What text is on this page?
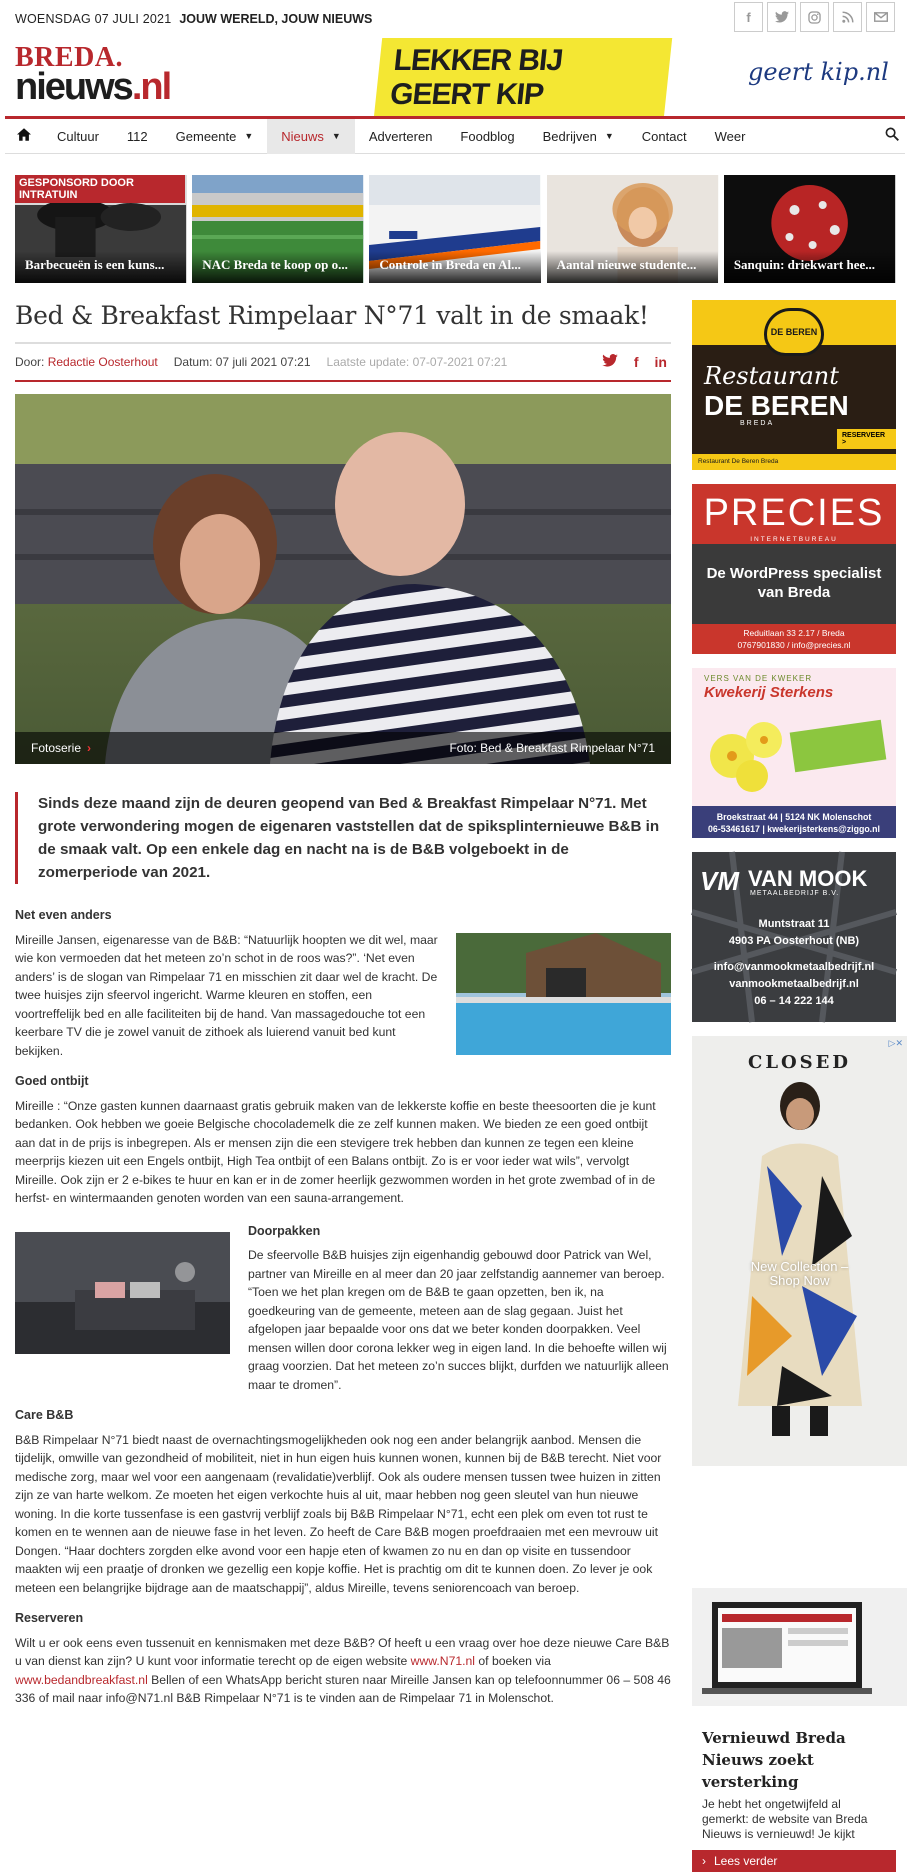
WOENSDAG 07 JULI 2021 JOUW WERELD, JOUW NIEUWS	f
BREDA.
nieuws.nl
LEKKER BIJ GEERT KIP
geert kip.nl
Cultuur 112 Gemeente ▼ Nieuws ▼ Adverteren Foodblog Bedrijven ▼ Contact Weer
GESPONSORD DOOR INTRATUIN
Barbecueën is een kuns...	NAC Breda te koop op o...	Controle in Breda en Al...	Aantal nieuwe studente...	Sanquin: driekwart hee...
Bed & Breakfast Rimpelaar N°71 valt in de smaak!
Door:
Redactie Oosterhout Datum: 07 juli 2021 07:21 Laatste update: 07-07-2021 07:21	f in
Fotoserie ›	Foto: Bed & Breakfast Rimpelaar N°71

Sinds deze maand zijn de deuren geopend van Bed & Breakfast Rimpelaar N°71. Met grote verwondering mogen de eigenaren vaststellen dat de spiksplinternieuwe B&B in de smaak valt. Op een enkele dag en nacht na is de B&B volgeboekt in de zomerperiode van 2021.

Net even anders

Mireille Jansen, eigenaresse van de B&B: “Natuurlijk hoopten we dit wel, maar wie kon vermoeden dat het meteen zo’n schot in de roos was?”. ‘Net even anders’ is de slogan van Rimpelaar 71 en misschien zit daar wel de kracht. De twee huisjes zijn sfeervol ingericht. Warme kleuren en stoffen, een voortreffelijk bed en alle faciliteiten bij de hand. Van massagedouche tot een keerbare TV die je zowel vanuit de zithoek als luierend vanuit bed kunt bekijken.

Goed ontbijt

Mireille : “Onze gasten kunnen daarnaast gratis gebruik maken van de lekkerste koffie en beste theesoorten die je kunt bedanken. Ook hebben we goeie Belgische chocolademelk die ze zelf kunnen maken. We bieden ze een goed ontbijt aan dat in de prijs is inbegrepen. Als er mensen zijn die een stevigere trek hebben dan kunnen ze tegen een kleine meerprijs kiezen uit een Engels ontbijt, High Tea ontbijt of een Balans ontbijt. Zo is er voor ieder wat wils”, vervolgt Mireille. Ook zijn er 2 e-bikes te huur en kan er in de zomer heerlijk gezwommen worden in het grote zwembad of in de herfst- en wintermaanden genoten worden van een sauna-arrangement.

Doorpakken

De sfeervolle B&B huisjes zijn eigenhandig gebouwd door Patrick van Wel, partner van Mireille en al meer dan 20 jaar zelfstandig aannemer van beroep. “Toen we het plan kregen om de B&B te gaan opzetten, ben ik, na goedkeuring van de gemeente, meteen aan de slag gegaan. Juist het afgelopen jaar bepaalde voor ons dat we beter konden doorpakken. Veel mensen willen door corona lekker weg in eigen land. In die behoefte willen wij graag voorzien. Dat het meteen zo’n succes blijkt, durfden we natuurlijk alleen maar te dromen”.

Care B&B

B&B Rimpelaar N°71 biedt naast de overnachtingsmogelijkheden ook nog een ander belangrijk aanbod. Mensen die tijdelijk, omwille van gezondheid of mobiliteit, niet in hun eigen huis kunnen wonen, kunnen bij de B&B terecht. Niet voor medische zorg, maar wel voor een aangenaam (revalidatie)verblijf. Ook als oudere mensen tussen twee huizen in zitten zijn ze van harte welkom. Ze moeten het eigen verkochte huis al uit, maar hebben nog geen sleutel van hun nieuwe woning. In die korte tussenfase is een gastvrij verblijf zoals bij B&B Rimpelaar N°71, echt een plek om even tot rust te komen en te wennen aan de nieuwe fase in het leven. Zo heeft de Care B&B mogen proefdraaien met een mevrouw uit Dongen. “Haar dochters zorgden elke avond voor een hapje eten of kwamen zo nu en dan op visite en tussendoor maakten wij een praatje of dronken we gezellig een kopje koffie. Het is prachtig om dit te kunnen doen. Zo lever je ook meteen een belangrijke bijdrage aan de maatschappij”, aldus Mireille, tevens seniorencoach van beroep.

Reserveren

Wilt u er ook eens even tussenuit en kennismaken met deze B&B? Of heeft u een vraag over hoe deze nieuwe Care B&B u van dienst kan zijn? U kunt voor informatie terecht op de eigen website www.N71.nl of boeken via www.bedandbreakfast.nl Bellen of een WhatsApp bericht sturen naar Mireille Jansen kan op telefoonnummer 06 – 508 46 336 of mail naar info@N71.nl B&B Rimpelaar N°71 is te vinden aan de Rimpelaar 71 in Molenschot.

DE BEREN
Restaurant
DE BEREN
BREDA
RESERVEER >
Restaurant De Beren Breda
PRECIES
INTERNETBUREAU
De WordPress specialist van Breda
Reduitlaan 33 2.17 / Breda
0767901830 / info@precies.nl
VERS VAN DE KWEKER
Kwekerij Sterkens
Broekstraat 44 | 5124 NK Molenschot
06-53461617 | kwekerijsterkens@ziggo.nl
VM VAN MOOK
METAALBEDRIJF B.V.
Muntstraat 11
4903 PA Oosterhout (NB)
info@vanmookmetaalbedrijf.nl
vanmookmetaalbedrijf.nl
06 – 14 222 144
CLOSED
▷✕
New Collection –
Shop Now
Vernieuwd Breda Nieuws zoekt versterking
Je hebt het ongetwijfeld al gemerkt: de website van Breda Nieuws is vernieuwd! Je kijkt
› Lees verder
